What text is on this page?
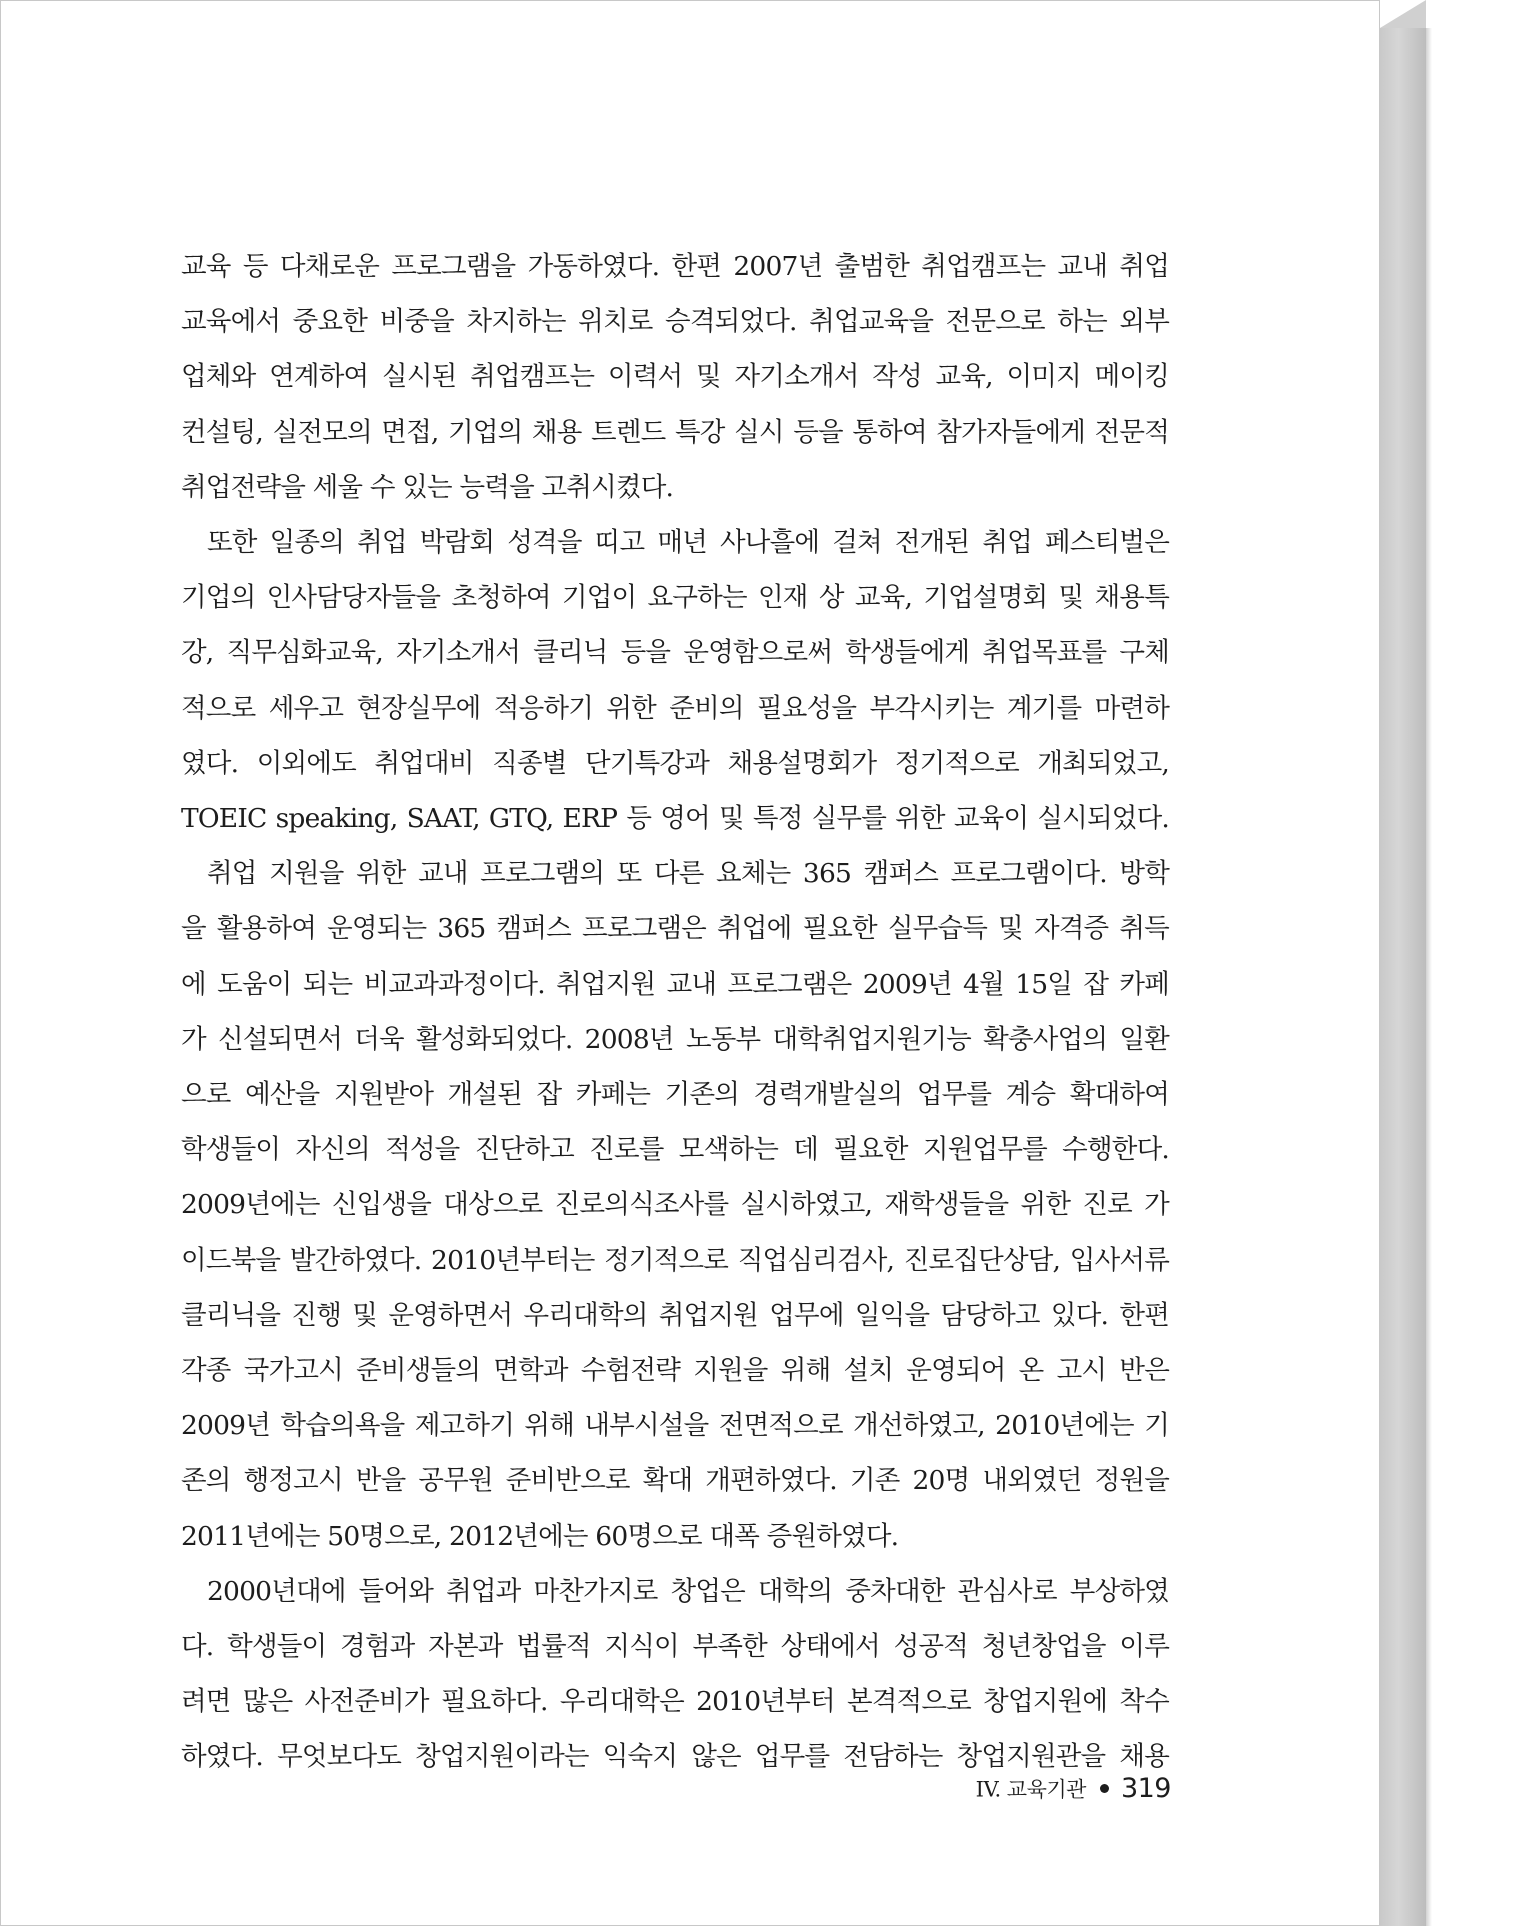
교육 등 다채로운 프로그램을 가동하였다. 한편 2007년 출범한 취업캠프는 교내 취업
교육에서 중요한 비중을 차지하는 위치로 승격되었다. 취업교육을 전문으로 하는 외부
업체와 연계하여 실시된 취업캠프는 이력서 및 자기소개서 작성 교육, 이미지 메이킹
컨설팅, 실전모의 면접, 기업의 채용 트렌드 특강 실시 등을 통하여 참가자들에게 전문적
취업전략을 세울 수 있는 능력을 고취시켰다.

또한 일종의 취업 박람회 성격을 띠고 매년 사나흘에 걸쳐 전개된 취업 페스티벌은
기업의 인사담당자들을 초청하여 기업이 요구하는 인재 상 교육, 기업설명회 및 채용특
강, 직무심화교육, 자기소개서 클리닉 등을 운영함으로써 학생들에게 취업목표를 구체
적으로 세우고 현장실무에 적응하기 위한 준비의 필요성을 부각시키는 계기를 마련하
였다. 이외에도 취업대비 직종별 단기특강과 채용설명회가 정기적으로 개최되었고,
TOEIC speaking, SAAT, GTQ, ERP 등 영어 및 특정 실무를 위한 교육이 실시되었다.

취업 지원을 위한 교내 프로그램의 또 다른 요체는 365 캠퍼스 프로그램이다. 방학
을 활용하여 운영되는 365 캠퍼스 프로그램은 취업에 필요한 실무습득 및 자격증 취득
에 도움이 되는 비교과과정이다. 취업지원 교내 프로그램은 2009년 4월 15일 잡 카페
가 신설되면서 더욱 활성화되었다. 2008년 노동부 대학취업지원기능 확충사업의 일환
으로 예산을 지원받아 개설된 잡 카페는 기존의 경력개발실의 업무를 계승 확대하여
학생들이 자신의 적성을 진단하고 진로를 모색하는 데 필요한 지원업무를 수행한다.
2009년에는 신입생을 대상으로 진로의식조사를 실시하였고, 재학생들을 위한 진로 가
이드북을 발간하였다. 2010년부터는 정기적으로 직업심리검사, 진로집단상담, 입사서류
클리닉을 진행 및 운영하면서 우리대학의 취업지원 업무에 일익을 담당하고 있다. 한편
각종 국가고시 준비생들의 면학과 수험전략 지원을 위해 설치 운영되어 온 고시 반은
2009년 학습의욕을 제고하기 위해 내부시설을 전면적으로 개선하였고, 2010년에는 기
존의 행정고시 반을 공무원 준비반으로 확대 개편하였다. 기존 20명 내외였던 정원을
2011년에는 50명으로, 2012년에는 60명으로 대폭 증원하였다.

2000년대에 들어와 취업과 마찬가지로 창업은 대학의 중차대한 관심사로 부상하였
다. 학생들이 경험과 자본과 법률적 지식이 부족한 상태에서 성공적 청년창업을 이루
려면 많은 사전준비가 필요하다. 우리대학은 2010년부터 본격적으로 창업지원에 착수
하였다. 무엇보다도 창업지원이라는 익숙지 않은 업무를 전담하는 창업지원관을 채용

IV. 교육기관 319
